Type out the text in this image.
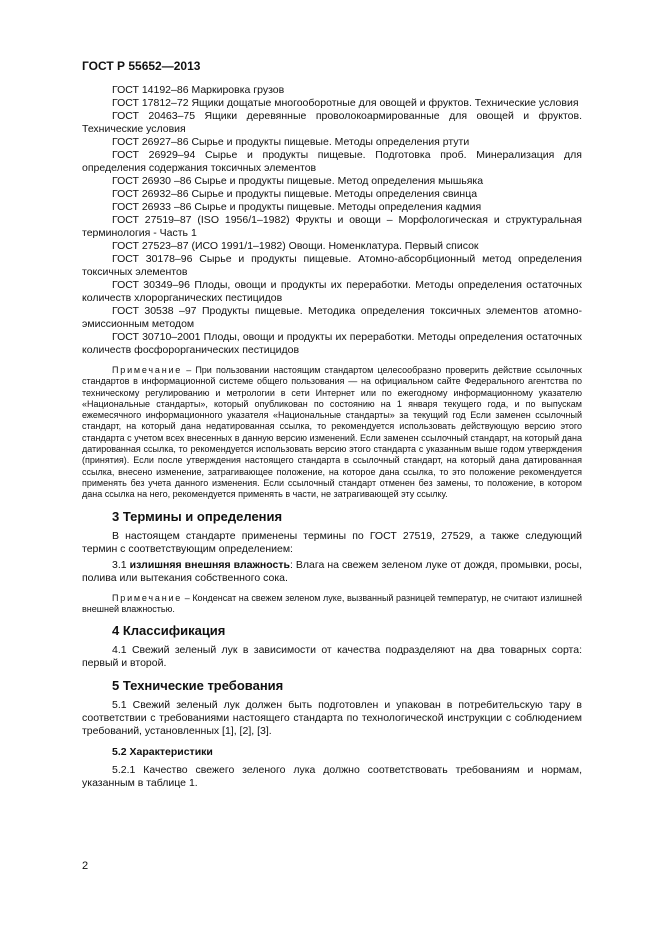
ГОСТ Р 55652—2013

ГОСТ 14192–86 Маркировка грузов

ГОСТ 17812–72 Ящики дощатые многооборотные для овощей и фруктов. Технические условия

ГОСТ 20463–75 Ящики деревянные проволокоармированные для овощей и фруктов. Технические условия

ГОСТ 26927–86 Сырье и продукты пищевые. Методы определения ртути

ГОСТ 26929–94 Сырье и продукты пищевые. Подготовка проб. Минерализация для определения содержания токсичных элементов

ГОСТ 26930 –86 Сырье и продукты пищевые. Метод определения мышьяка

ГОСТ 26932–86 Сырье и продукты пищевые. Методы определения свинца

ГОСТ 26933 –86 Сырье и продукты пищевые. Методы определения кадмия

ГОСТ 27519–87 (ISO 1956/1–1982) Фрукты и овощи – Морфологическая и структуральная терминология - Часть 1

ГОСТ 27523–87 (ИСО 1991/1–1982) Овощи. Номенклатура. Первый список

ГОСТ 30178–96 Сырье и продукты пищевые. Атомно-абсорбционный метод определения токсичных элементов

ГОСТ 30349–96 Плоды, овощи и продукты их переработки. Методы определения остаточных количеств хлорорганических пестицидов

ГОСТ 30538 –97 Продукты пищевые. Методика определения токсичных элементов атомно-эмиссионным методом

ГОСТ 30710–2001 Плоды, овощи и продукты их переработки. Методы определения остаточных количеств фосфорорганических пестицидов

Примечание – При пользовании настоящим стандартом целесообразно проверить действие ссылочных стандартов в информационной системе общего пользования — на официальном сайте Федерального агентства по техническому регулированию и метрологии в сети Интернет или по ежегодному информационному указателю «Национальные стандарты», который опубликован по состоянию на 1 января текущего года, и по выпускам ежемесячного информационного указателя «Национальные стандарты» за текущий год Если заменен ссылочный стандарт, на который дана недатированная ссылка, то рекомендуется использовать действующую версию этого стандарта с учетом всех внесенных в данную версию изменений. Если заменен ссылочный стандарт, на который дана датированная ссылка, то рекомендуется использовать версию этого стандарта с указанным выше годом утверждения (принятия). Если после утверждения настоящего стандарта в ссылочный стандарт, на который дана датированная ссылка, внесено изменение, затрагивающее положение, на которое дана ссылка, то это положение рекомендуется применять без учета данного изменения. Если ссылочный стандарт отменен без замены, то положение, в котором дана ссылка на него, рекомендуется применять в части, не затрагивающей эту ссылку.

3 Термины и определения

В настоящем стандарте применены термины по ГОСТ 27519, 27529, а также следующий термин с соответствующим определением:

3.1 излишняя внешняя влажность: Влага на свежем зеленом луке от дождя, промывки, росы, полива или вытекания собственного сока.

Примечание – Конденсат на свежем зеленом луке, вызванный разницей температур, не считают излишней внешней влажностью.

4 Классификация

4.1 Свежий зеленый лук в зависимости от качества подразделяют на два товарных сорта: первый и второй.

5 Технические требования

5.1 Свежий зеленый лук должен быть подготовлен и упакован в потребительскую тару в соответствии с требованиями настоящего стандарта по технологической инструкции с соблюдением требований, установленных [1], [2], [3].

5.2 Характеристики

5.2.1 Качество свежего зеленого лука должно соответствовать требованиям и нормам, указанным в таблице 1.

2
